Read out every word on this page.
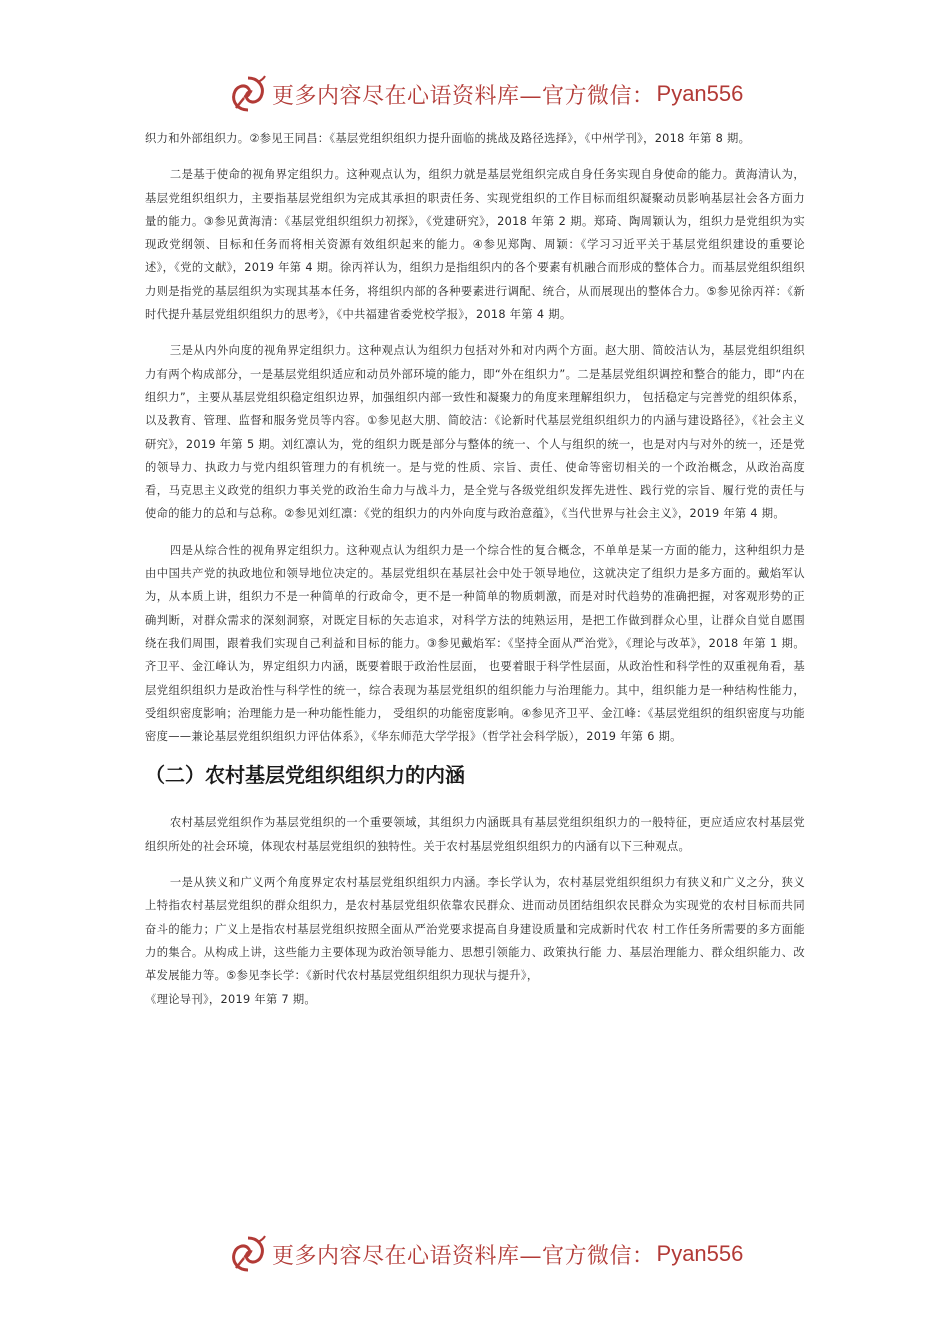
更多内容尽在心语资料库—官方微信： Pyan556

织力和外部组织力。②参见王同昌：《基层党组织组织力提升面临的挑战及路径选择》，《中州学刊》，2018 年第 8 期。

二是基于使命的视角界定组织力。这种观点认为，组织力就是基层党组织完成自身任务实现自身使命的能力。黄海清认为，基层党组织组织力，主要指基层党组织为完成其承担的职责任务、实现党组织的工作目标而组织凝聚动员影响基层社会各方面力量的能力。③参见黄海清：《基层党组织组织力初探》，《党建研究》，2018 年第 2 期。郑琦、陶周颖认为，组织力是党组织为实现政党纲领、目标和任务而将相关资源有效组织起来的能力。④参见郑陶、周颖：《学习习近平关于基层党组织建设的重要论述》，《党的文献》，2019 年第 4 期。徐丙祥认为，组织力是指组织内的各个要素有机融合而形成的整体合力。而基层党组织组织力则是指党的基层组织为实现其基本任务，将组织内部的各种要素进行调配、统合，从而展现出的整体合力。⑤参见徐丙祥：《新时代提升基层党组织组织力的思考》，《中共福建省委党校学报》，2018 年第 4 期。

三是从内外向度的视角界定组织力。这种观点认为组织力包括对外和对内两个方面。赵大朋、简皎洁认为，基层党组织组织力有两个构成部分，一是基层党组织适应和动员外部环境的能力，即“外在组织力”。二是基层党组织调控和整合的能力，即“内在组织力”，主要从基层党组织稳定组织边界，加强组织内部一致性和凝聚力的角度来理解组织力， 包括稳定与完善党的组织体系，以及教育、管理、监督和服务党员等内容。①参见赵大朋、简皎洁：《论新时代基层党组织组织力的内涵与建设路径》，《社会主义研究》，2019 年第 5 期。刘红凛认为，党的组织力既是部分与整体的统一、个人与组织的统一，也是对内与对外的统一，还是党的领导力、执政力与党内组织管理力的有机统一。是与党的性质、宗旨、责任、使命等密切相关的一个政治概念，从政治高度看，马克思主义政党的组织力事关党的政治生命力与战斗力，是全党与各级党组织发挥先进性、践行党的宗旨、履行党的责任与使命的能力的总和与总称。②参见刘红凛：《党的组织力的内外向度与政治意蕴》，《当代世界与社会主义》，2019 年第 4 期。

四是从综合性的视角界定组织力。这种观点认为组织力是一个综合性的复合概念，不单单是某一方面的能力，这种组织力是由中国共产党的执政地位和领导地位决定的。基层党组织在基层社会中处于领导地位，这就决定了组织力是多方面的。戴焰军认为，从本质上讲，组织力不是一种简单的行政命令，更不是一种简单的物质刺激，而是对时代趋势的准确把握，对客观形势的正确判断，对群众需求的深刻洞察，对既定目标的矢志追求，对科学方法的纯熟运用，是把工作做到群众心里，让群众自觉自愿围绕在我们周围，跟着我们实现自己利益和目标的能力。③参见戴焰军：《坚持全面从严治党》，《理论与改革》，2018 年第 1 期。齐卫平、金江峰认为，界定组织力内涵，既要着眼于政治性层面， 也要着眼于科学性层面，从政治性和科学性的双重视角看，基层党组织组织力是政治性与科学性的统一，综合表现为基层党组织的组织能力与治理能力。其中，组织能力是一种结构性能力，受组织密度影响；治理能力是一种功能性能力， 受组织的功能密度影响。④参见齐卫平、金江峰：《基层党组织的组织密度与功能密度——兼论基层党组织组织力评估体系》，《华东师范大学学报》（哲学社会科学版），2019 年第 6 期。

（二）农村基层党组织组织力的内涵

农村基层党组织作为基层党组织的一个重要领域，其组织力内涵既具有基层党组织组织力的一般特征，更应适应农村基层党组织所处的社会环境，体现农村基层党组织的独特性。关于农村基层党组织组织力的内涵有以下三种观点。

一是从狭义和广义两个角度界定农村基层党组织组织力内涵。李长学认为，农村基层党组织组织力有狭义和广义之分，狭义上特指农村基层党组织的群众组织力，是农村基层党组织依靠农民群众、进而动员团结组织农民群众为实现党的农村目标而共同奋斗的能力；广义上是指农村基层党组织按照全面从严治党要求提高自身建设质量和完成新时代农 村工作任务所需要的多方面能力的集合。从构成上讲，这些能力主要体现为政治领导能力、思想引领能力、政策执行能 力、基层治理能力、群众组织能力、改革发展能力等。⑤参见李长学：《新时代农村基层党组织组织力现状与提升》，

《理论导刊》，2019 年第 7 期。

更多内容尽在心语资料库—官方微信： Pyan556
